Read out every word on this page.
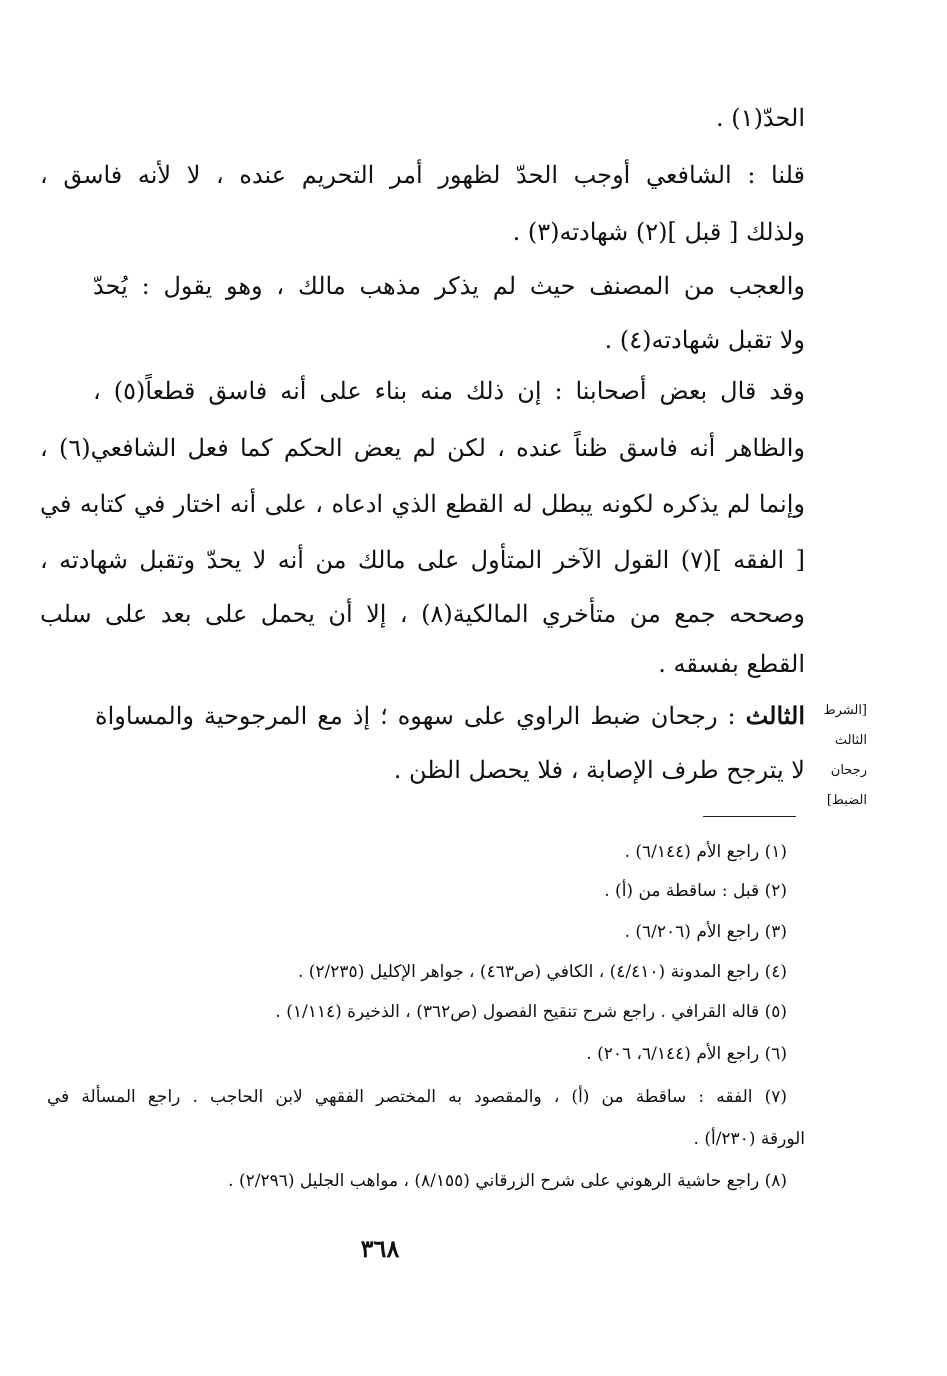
الحدّ(١) .
قلنا : الشافعي أوجب الحدّ لظهور أمر التحريم عنده ، لا لأنه فاسق ،
ولذلك [ قبل ](٢) شهادته(٣) .
والعجب من المصنف حيث لم يذكر مذهب مالك ، وهو يقول : يُحدّ
ولا تقبل شهادته(٤) .
وقد قال بعض أصحابنا : إن ذلك منه بناء على أنه فاسق قطعاً(٥) ،
والظاهر أنه فاسق ظناً عنده ، لكن لم يعض الحكم كما فعل الشافعي(٦) ،
وإنما لم يذكره لكونه يبطل له القطع الذي ادعاه ، على أنه اختار في كتابه في
[ الفقه ](٧) القول الآخر المتأول على مالك من أنه لا يحدّ وتقبل شهادته ،
وصححه جمع من متأخري المالكية(٨) ، إلا أن يحمل على بعد على سلب
القطع بفسقه .
الثالث : رجحان ضبط الراوي على سهوه ؛ إذ مع المرجوحية والمساواة
لا يترجح طرف الإصابة ، فلا يحصل الظن .
[الشرط
الثالث
رجحان
الضبط]
(١) راجع الأم (٦/١٤٤) .
(٢) قبل : ساقطة من (أ) .
(٣) راجع الأم (٦/٢٠٦) .
(٤) راجع المدونة (٤/٤١٠) ، الكافي (ص٤٦٣) ، جواهر الإكليل (٢/٢٣٥) .
(٥) قاله القرافي . راجع شرح تنقيح الفصول (ص٣٦٢) ، الذخيرة (١/١١٤) .
(٦) راجع الأم (٦/١٤٤، ٢٠٦) .
(٧) الفقه : ساقطة من (أ) ، والمقصود به المختصر الفقهي لابن الحاجب . راجع المسألة في
الورقة (٢٣٠/أ) .
(٨) راجع حاشية الرهوني على شرح الزرقاني (٨/١٥٥) ، مواهب الجليل (٢/٢٩٦) .
٣٦٨
